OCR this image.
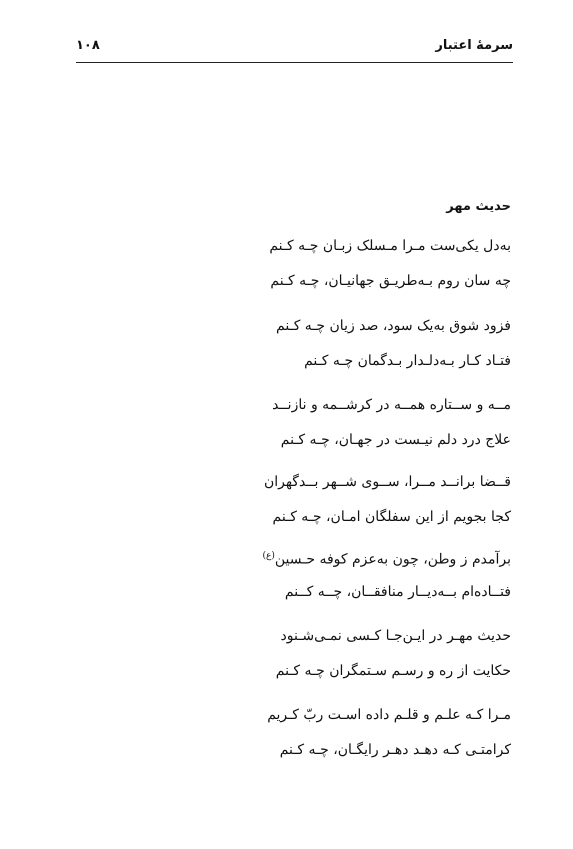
سرمهٔ اعتبار
۱۰۸
حدیث مهر
به‌دل یکی‌ست مـرا مـسلک زبـان چـه کـنم
چه سان روم بـه‌طریـق جهانیـان، چـه کـنم
فزود شوق به‌یک سود، صد زیان چـه کـنم
فتـاد کـار بـه‌دلـدار بـدگمان چـه کـنم
مــه و ســتاره همــه در کرشــمه و نازنــد
علاج درد دلم نیـست در جهـان، چـه کـنم
قــضا برانــد مــرا، ســوی شــهر بــدگهران
کجا بجویم از این سفلگان امـان، چـه کـنم
برآمدم ز وطن، چون به‌عزم کوفه حـسین$^{(ع)}$
فتــادەام بــه‌دیــار منافقــان، چــه کــنم
حدیث مهـر در ایـن‌جـا کـسی نمـی‌شـنود
حکایت از ره و رسـم سـتمگران چـه کـنم
مـرا کـه علـم و قلـم داده اسـت ربّ کـریم
کرامتـی کـه دهـد دهـر رایگـان، چـه کـنم
